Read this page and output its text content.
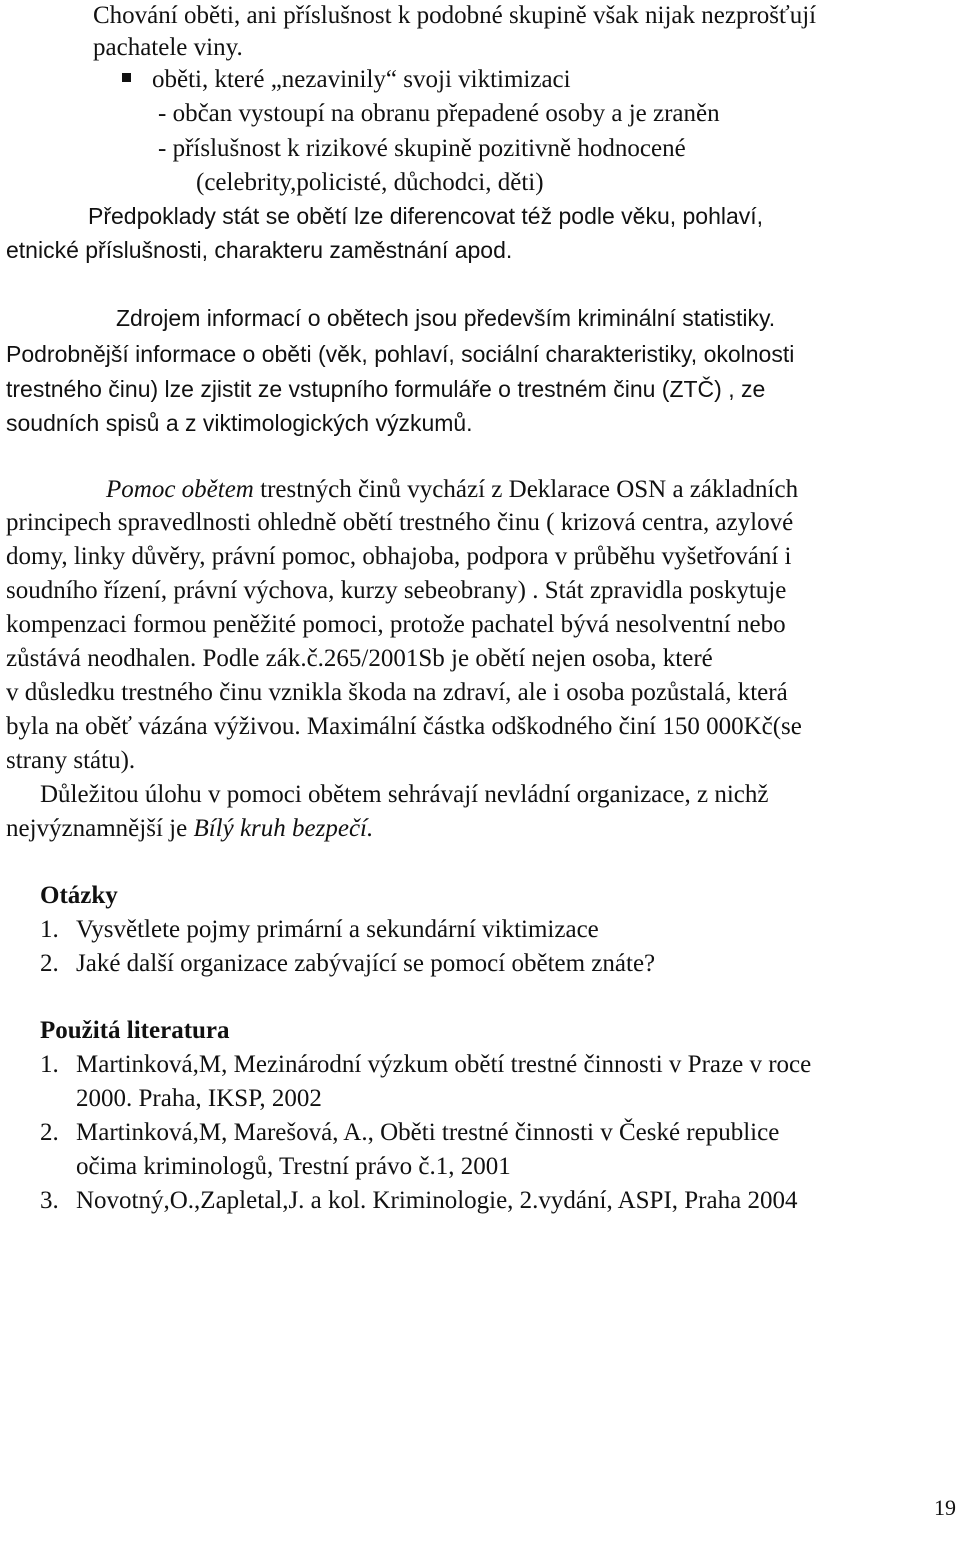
Chování oběti, ani příslušnost k podobné skupině však nijak nezprošťují
pachatele viny.
oběti, které „nezavinily“ svoji viktimizaci
- občan vystoupí na obranu přepadené osoby a je zraněn
- příslušnost k rizikové skupině pozitivně hodnocené
(celebrity,policisté, důchodci, děti)
Předpoklady stát se obětí lze diferencovat též podle věku, pohlaví,
etnické příslušnosti, charakteru zaměstnání apod.
Zdrojem informací o obětech jsou především kriminální statistiky.
Podrobnější informace o oběti (věk, pohlaví, sociální charakteristiky, okolnosti
trestného činu) lze zjistit ze vstupního formuláře o trestném činu (ZTČ) , ze
soudních spisů a z viktimologických výzkumů.
Pomoc obětem trestných činů vychází z Deklarace OSN a základních
principech spravedlnosti ohledně obětí trestného činu ( krizová centra, azylové
domy, linky důvěry, právní pomoc, obhajoba, podpora v průběhu vyšetřování i
soudního řízení, právní výchova, kurzy sebeobrany) . Stát zpravidla poskytuje
kompenzaci formou peněžité pomoci, protože pachatel bývá nesolventní nebo
zůstává neodhalen. Podle zák.č.265/2001Sb je obětí nejen osoba, které
v důsledku trestného činu vznikla škoda na zdraví, ale i osoba pozůstalá, která
byla na oběť vázána výživou. Maximální částka odškodného činí 150 000Kč(se
strany státu).
Důležitou úlohu v pomoci obětem sehrávají nevládní organizace, z nichž
nejvýznamnější je Bílý kruh bezpečí.
Otázky
1. Vysvětlete pojmy primární a sekundární viktimizace
2. Jaké další organizace zabývající se pomocí obětem znáte?
Použitá literatura
1. Martinková,M, Mezinárodní výzkum obětí trestné činnosti v Praze v roce
2000. Praha, IKSP, 2002
2. Martinková,M, Marešová, A., Oběti trestné činnosti v České republice
očima kriminologů, Trestní právo č.1, 2001
3. Novotný,O.,Zapletal,J. a kol. Kriminologie, 2.vydání, ASPI, Praha 2004
19
